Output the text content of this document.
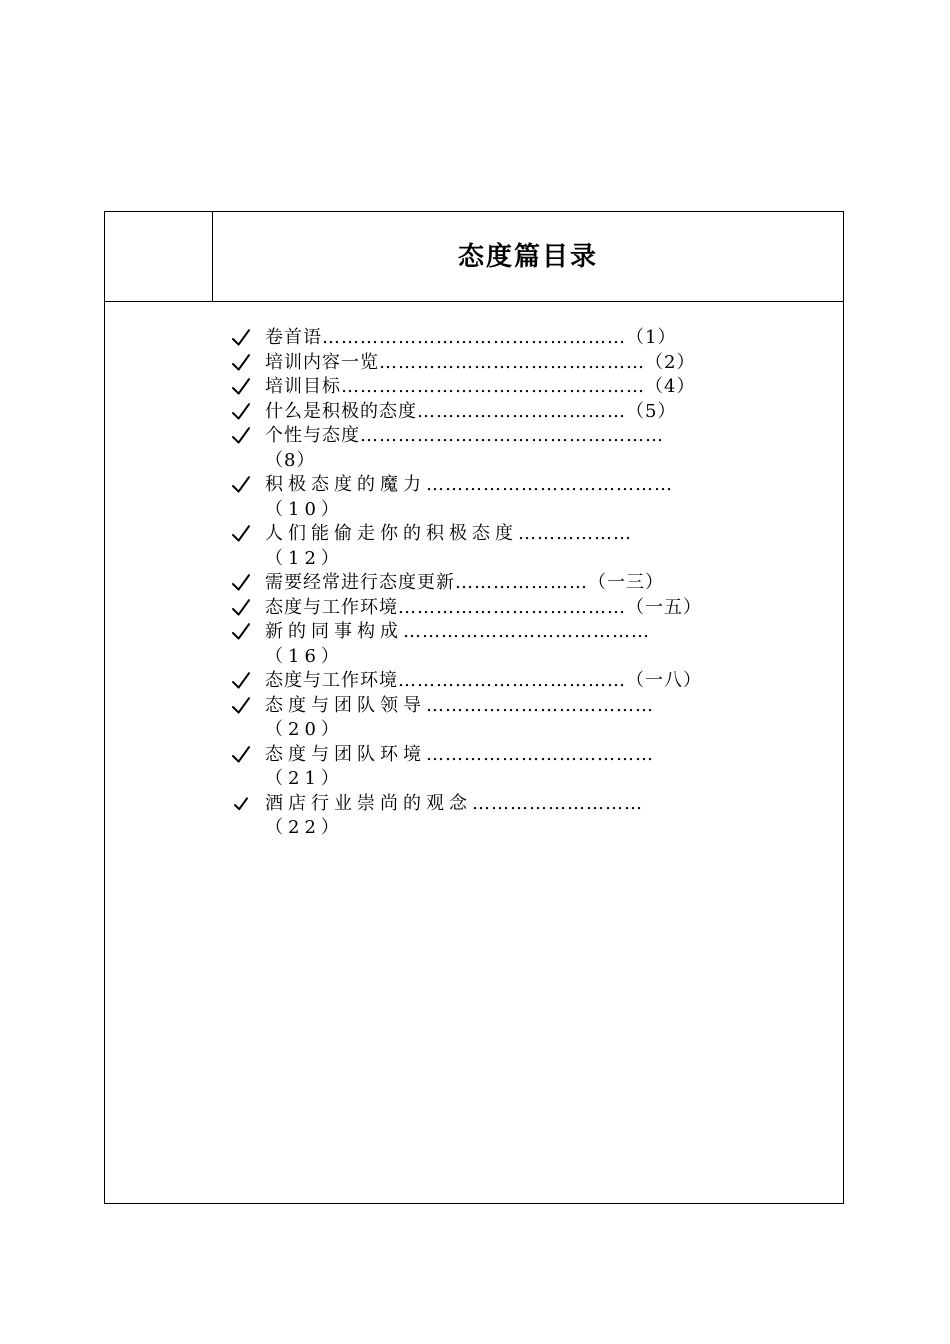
态度篇目录
卷首语…………………………………………（1）
培训内容一览……………………………………（2）
培训目标…………………………………………（4）
什么是积极的态度……………………………（5）
个性与态度…………………………………………（8）
积极态度的魔力…………………………………（10）
人们能偷走你的积极态度………………（12）
需要经常进行态度更新…………………（一三）
态度与工作环境………………………………（一五）
新的同事构成…………………………………（16）
态度与工作环境………………………………（一八）
态度与团队领导………………………………（20）
态度与团队环境………………………………（21）
酒店行业崇尚的观念………………………（22）
